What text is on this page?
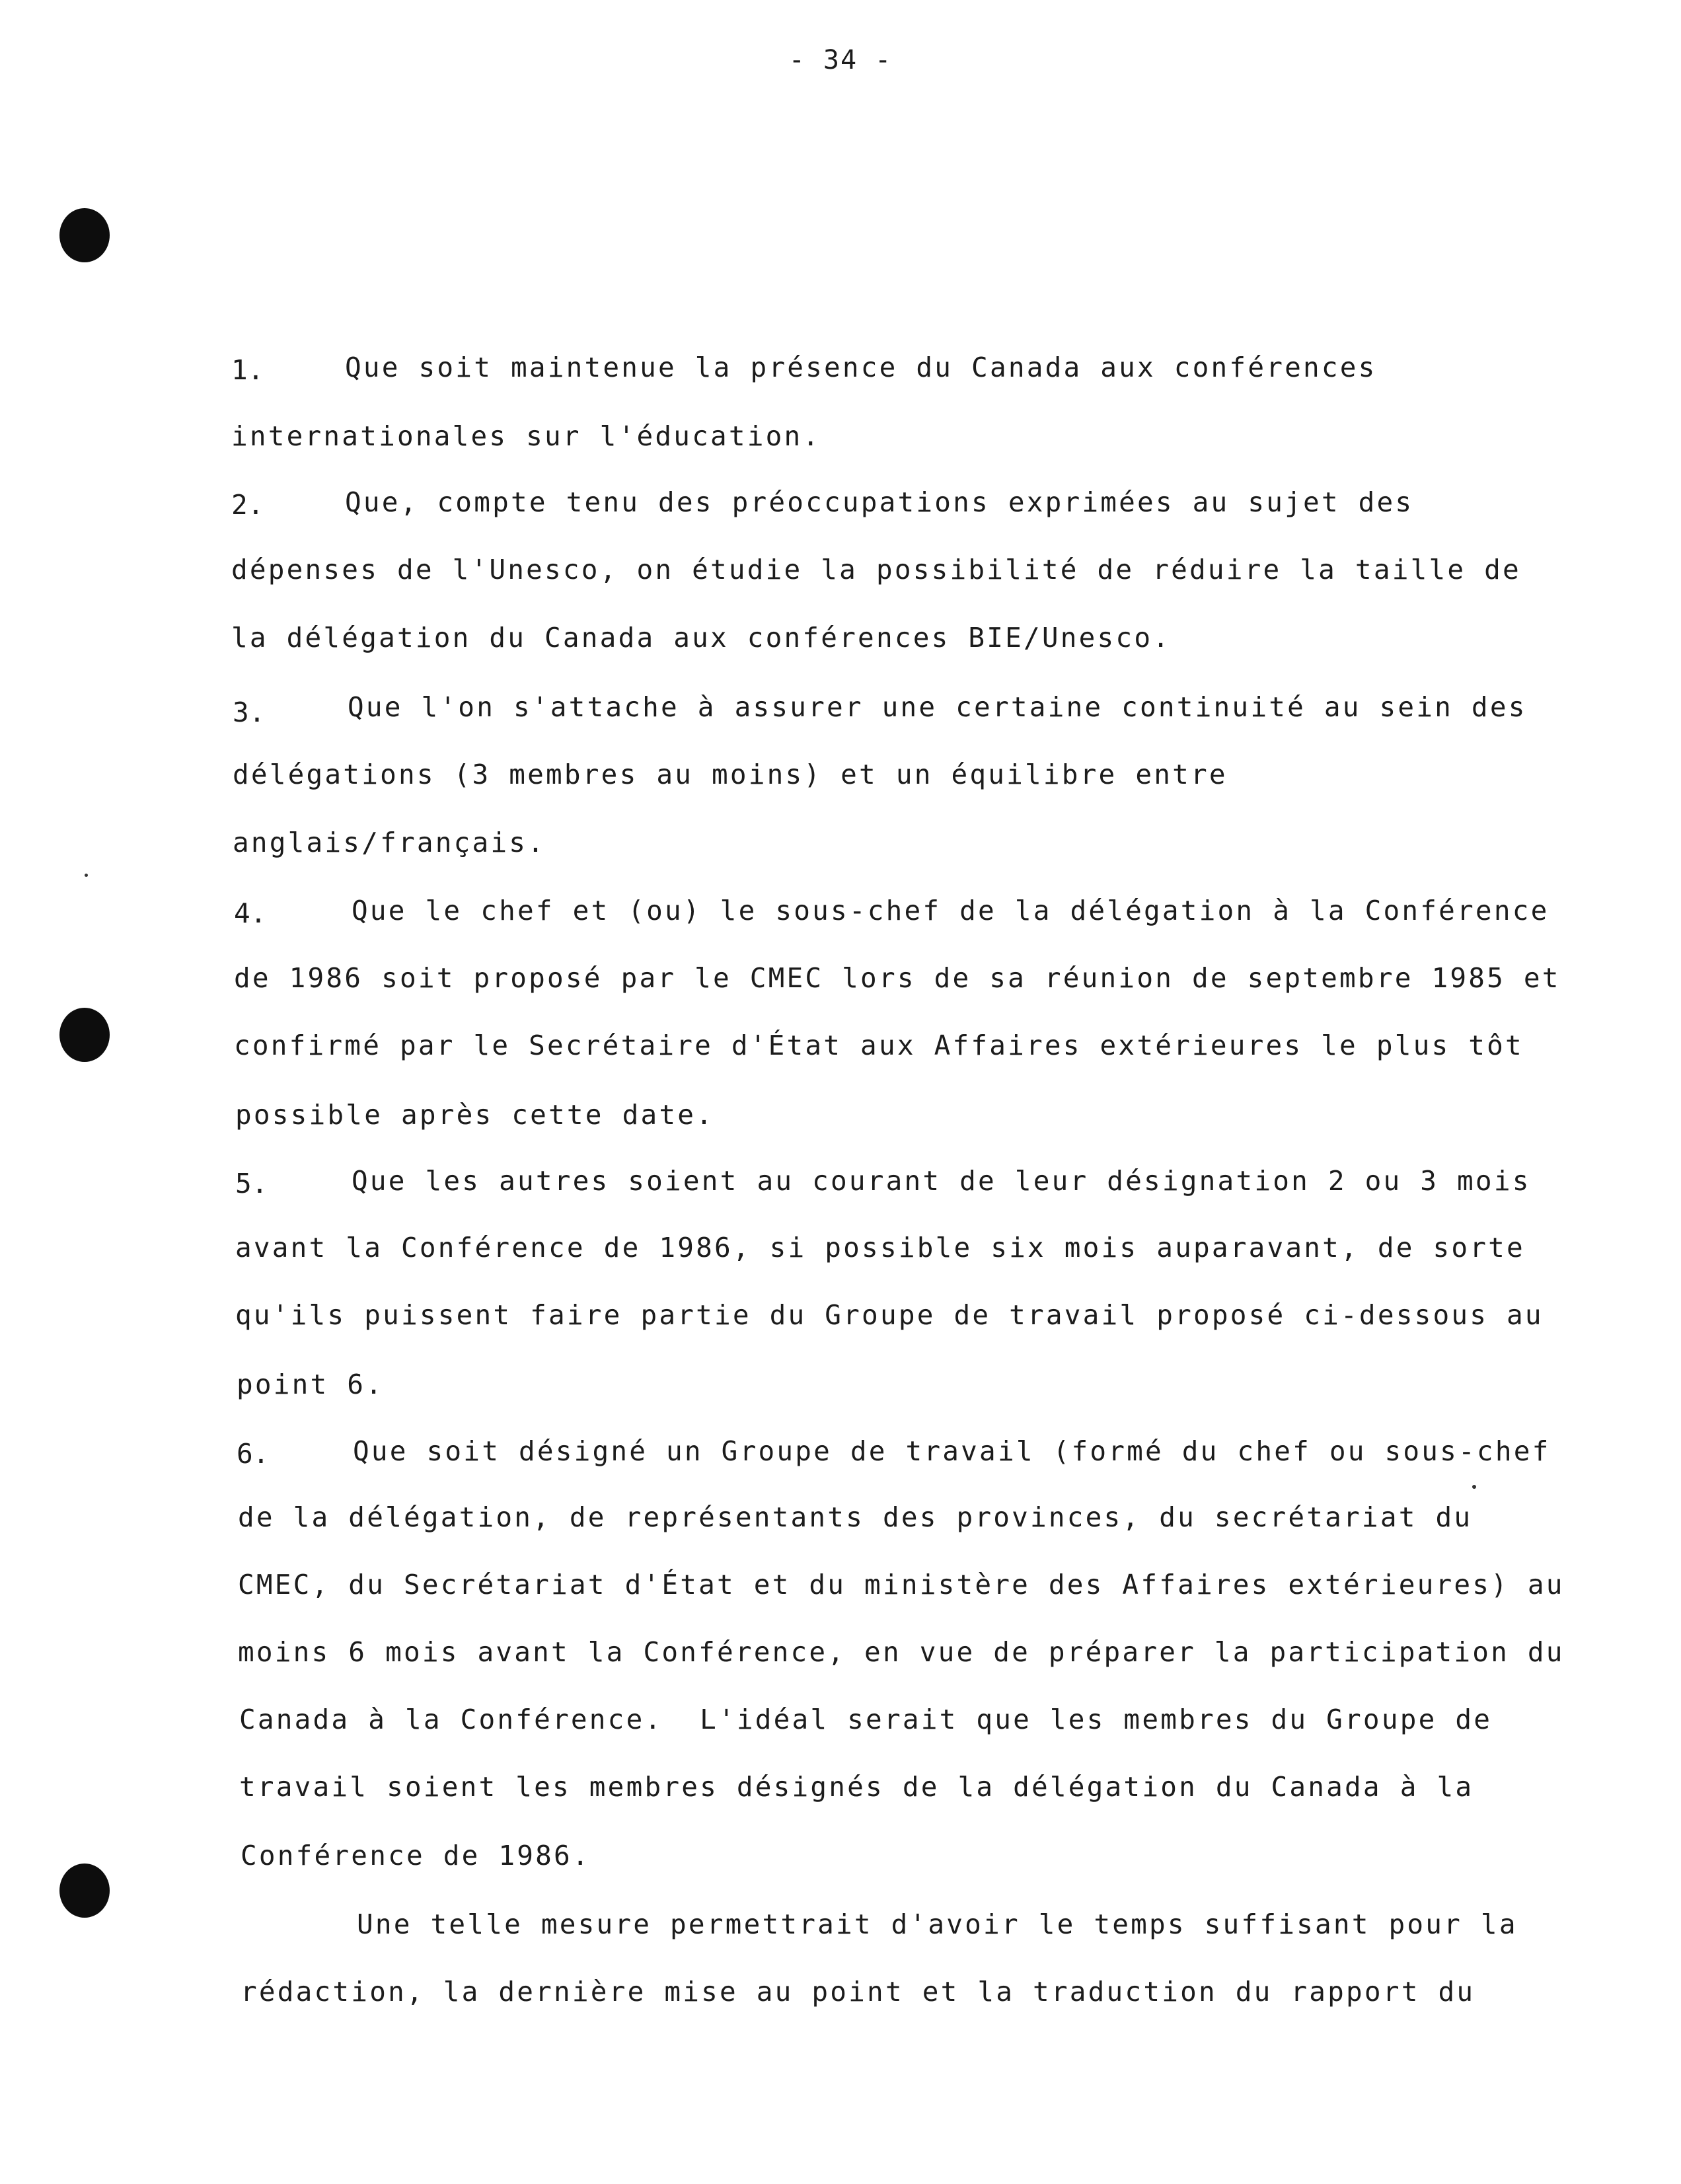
- 34 -
1.	Que soit maintenue la présence du Canada aux conférences
internationales sur l'éducation.
2.	Que, compte tenu des préoccupations exprimées au sujet des
dépenses de l'Unesco, on étudie la possibilité de réduire la taille de
la délégation du Canada aux conférences BIE/Unesco.
3.	Que l'on s'attache à assurer une certaine continuité au sein des
délégations (3 membres au moins) et un équilibre entre
anglais/français.
4.	Que le chef et (ou) le sous-chef de la délégation à la Conférence
de 1986 soit proposé par le CMEC lors de sa réunion de septembre 1985 et
confirmé par le Secrétaire d'État aux Affaires extérieures le plus tôt
possible après cette date.
5.	Que les autres soient au courant de leur désignation 2 ou 3 mois
avant la Conférence de 1986, si possible six mois auparavant, de sorte
qu'ils puissent faire partie du Groupe de travail proposé ci-dessous au
point 6.
6.	Que soit désigné un Groupe de travail (formé du chef ou sous-chef
de la délégation, de représentants des provinces, du secrétariat du
CMEC, du Secrétariat d'État et du ministère des Affaires extérieures) au
moins 6 mois avant la Conférence, en vue de préparer la participation du
Canada à la Conférence.  L'idéal serait que les membres du Groupe de
travail soient les membres désignés de la délégation du Canada à la
Conférence de 1986.
Une telle mesure permettrait d'avoir le temps suffisant pour la
rédaction, la dernière mise au point et la traduction du rapport du
